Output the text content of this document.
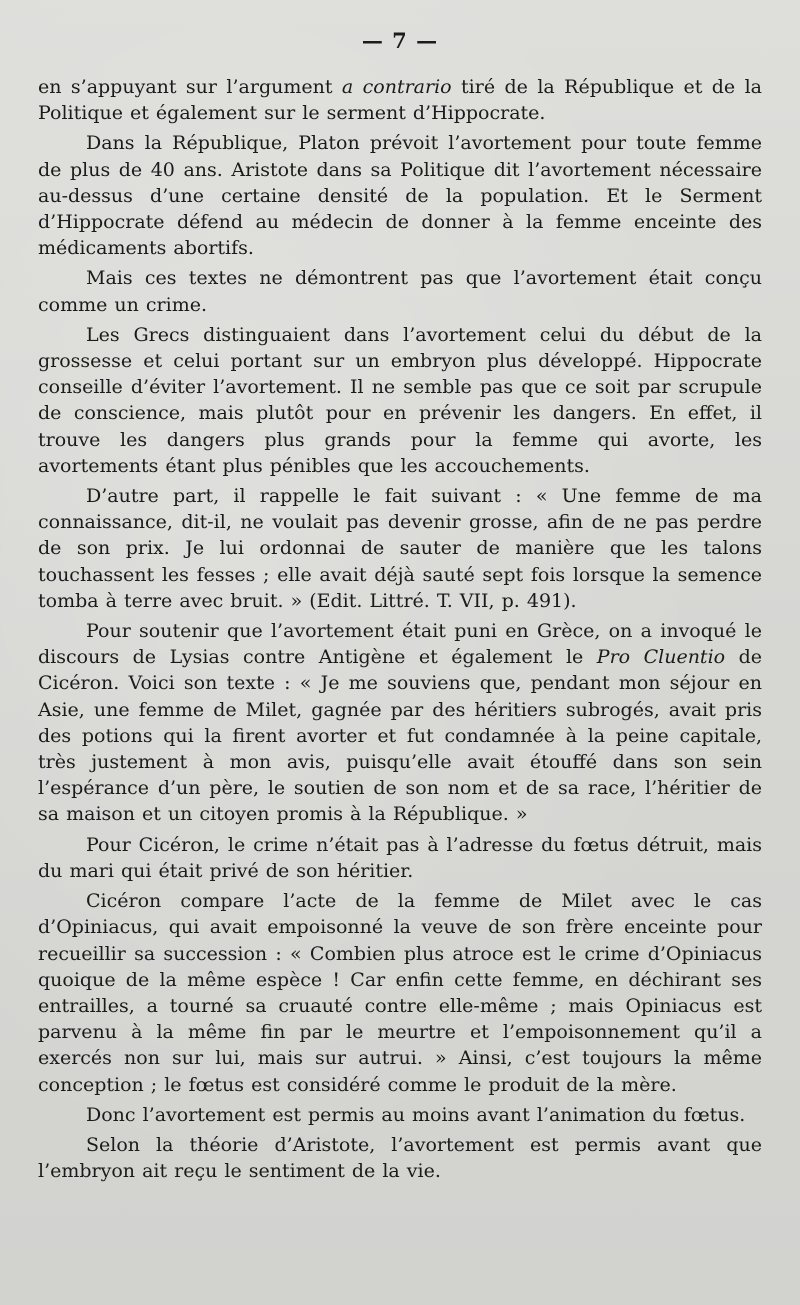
— 7 —

en s’appuyant sur l’argument a contrario tiré de la République et de la Politique et également sur le serment d’Hippocrate.

Dans la République, Platon prévoit l’avortement pour toute femme de plus de 40 ans. Aristote dans sa Politique dit l’avortement nécessaire au-dessus d’une certaine densité de la population. Et le Serment d’Hippocrate défend au médecin de donner à la femme enceinte des médicaments abortifs.

Mais ces textes ne démontrent pas que l’avortement était conçu comme un crime.

Les Grecs distinguaient dans l’avortement celui du début de la grossesse et celui portant sur un embryon plus développé. Hippocrate conseille d’éviter l’avortement. Il ne semble pas que ce soit par scrupule de conscience, mais plutôt pour en prévenir les dangers. En effet, il trouve les dangers plus grands pour la femme qui avorte, les avortements étant plus pénibles que les accouchements.

D’autre part, il rappelle le fait suivant : « Une femme de ma connaissance, dit-il, ne voulait pas devenir grosse, afin de ne pas perdre de son prix. Je lui ordonnai de sauter de manière que les talons touchassent les fesses ; elle avait déjà sauté sept fois lorsque la semence tomba à terre avec bruit. » (Edit. Littré. T. VII, p. 491).

Pour soutenir que l’avortement était puni en Grèce, on a invoqué le discours de Lysias contre Antigène et également le Pro Cluentio de Cicéron. Voici son texte : « Je me souviens que, pendant mon séjour en Asie, une femme de Milet, gagnée par des héritiers subrogés, avait pris des potions qui la firent avorter et fut condamnée à la peine capitale, très justement à mon avis, puisqu’elle avait étouffé dans son sein l’espérance d’un père, le soutien de son nom et de sa race, l’héritier de sa maison et un citoyen promis à la République. »

Pour Cicéron, le crime n’était pas à l’adresse du fœtus détruit, mais du mari qui était privé de son héritier.

Cicéron compare l’acte de la femme de Milet avec le cas d’Opiniacus, qui avait empoisonné la veuve de son frère enceinte pour recueillir sa succession : « Combien plus atroce est le crime d’Opiniacus quoique de la même espèce ! Car enfin cette femme, en déchirant ses entrailles, a tourné sa cruauté contre elle-même ; mais Opiniacus est parvenu à la même fin par le meurtre et l’empoisonnement qu’il a exercés non sur lui, mais sur autrui. » Ainsi, c’est toujours la même conception ; le fœtus est considéré comme le produit de la mère.

Donc l’avortement est permis au moins avant l’animation du fœtus.

Selon la théorie d’Aristote, l’avortement est permis avant que l’embryon ait reçu le sentiment de la vie.
